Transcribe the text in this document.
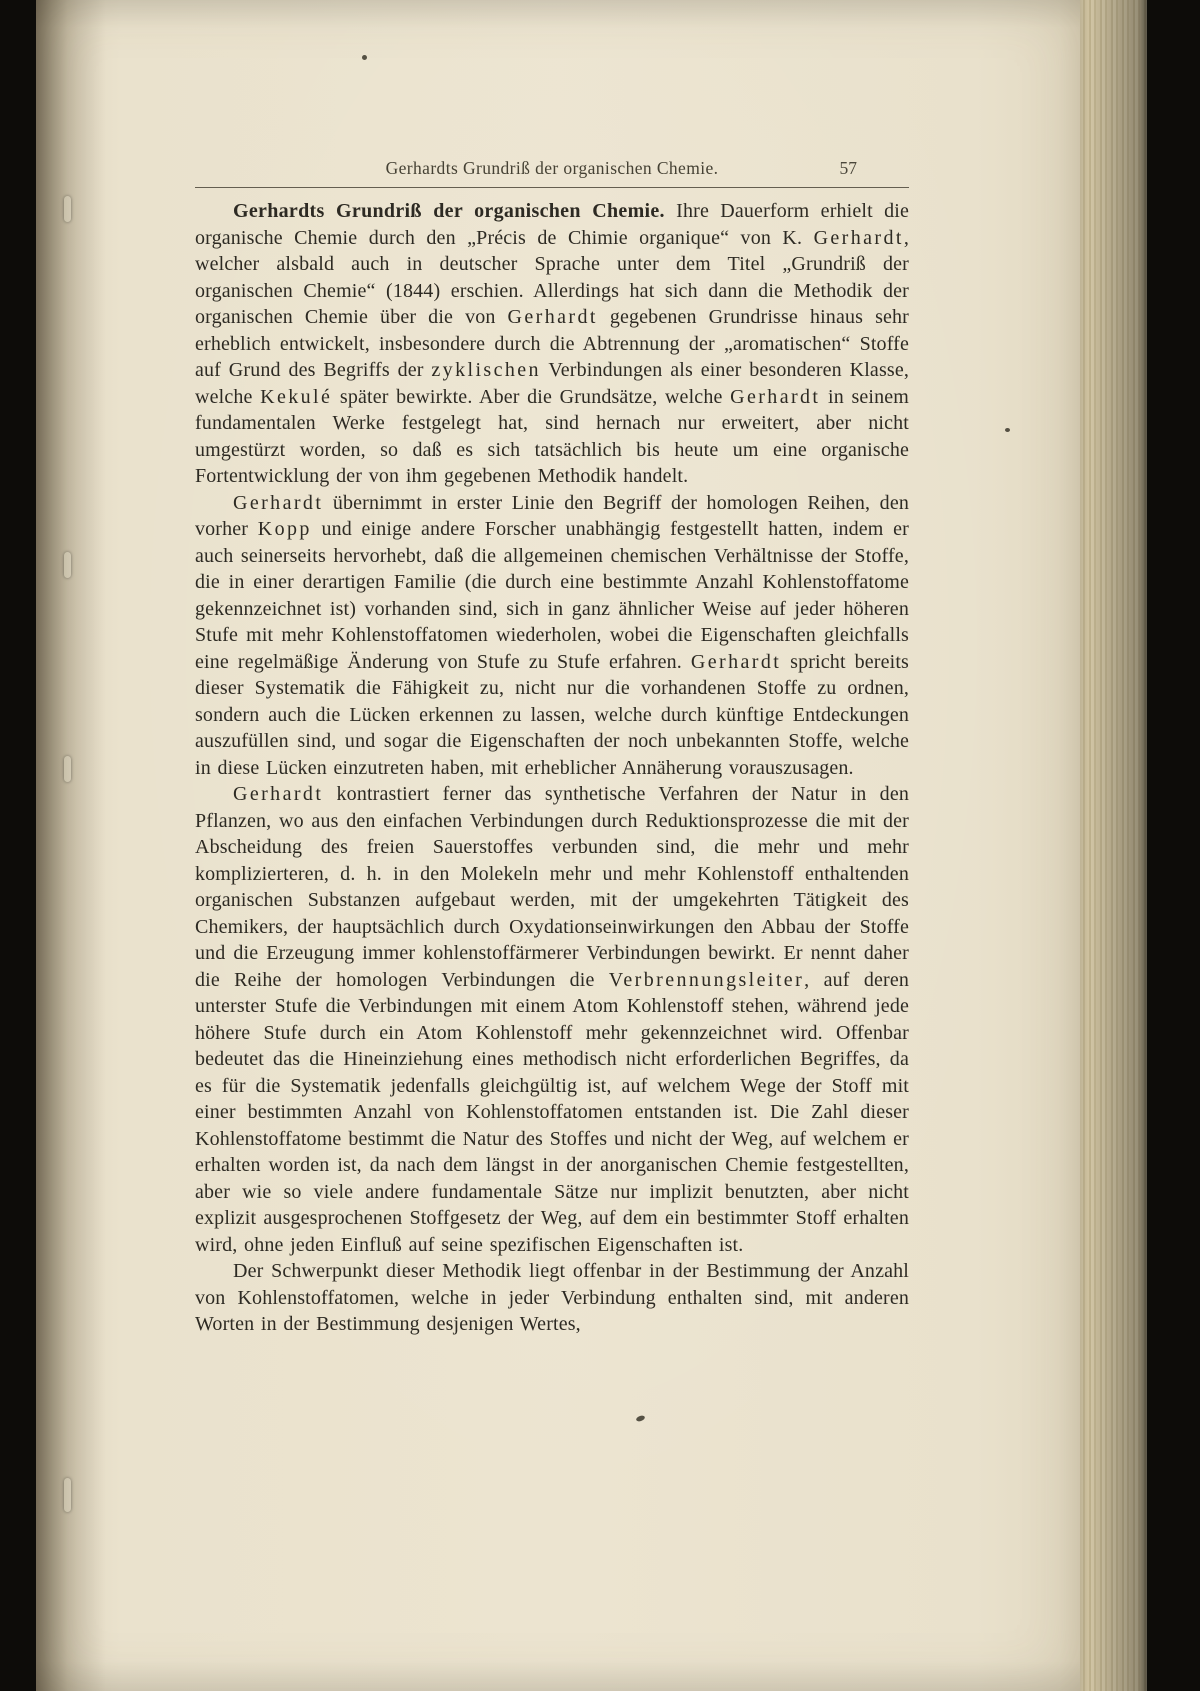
Gerhardts Grundriß der organischen Chemie.	57

Gerhardts Grundriß der organischen Chemie. Ihre Dauerform erhielt die organische Chemie durch den „Précis de Chimie organique“ von K. Gerhardt, welcher alsbald auch in deutscher Sprache unter dem Titel „Grundriß der organischen Chemie“ (1844) erschien. Allerdings hat sich dann die Methodik der organischen Chemie über die von Gerhardt gegebenen Grundrisse hinaus sehr erheblich entwickelt, insbesondere durch die Abtrennung der „aromatischen“ Stoffe auf Grund des Begriffs der zyklischen Verbindungen als einer besonderen Klasse, welche Kekulé später bewirkte. Aber die Grundsätze, welche Gerhardt in seinem fundamentalen Werke festgelegt hat, sind hernach nur erweitert, aber nicht umgestürzt worden, so daß es sich tatsächlich bis heute um eine organische Fortentwicklung der von ihm gegebenen Methodik handelt.

Gerhardt übernimmt in erster Linie den Begriff der homologen Reihen, den vorher Kopp und einige andere Forscher unabhängig festgestellt hatten, indem er auch seinerseits hervorhebt, daß die allgemeinen chemischen Verhältnisse der Stoffe, die in einer derartigen Familie (die durch eine bestimmte Anzahl Kohlenstoffatome gekennzeichnet ist) vorhanden sind, sich in ganz ähnlicher Weise auf jeder höheren Stufe mit mehr Kohlenstoffatomen wiederholen, wobei die Eigenschaften gleichfalls eine regelmäßige Änderung von Stufe zu Stufe erfahren. Gerhardt spricht bereits dieser Systematik die Fähigkeit zu, nicht nur die vorhandenen Stoffe zu ordnen, sondern auch die Lücken erkennen zu lassen, welche durch künftige Entdeckungen auszufüllen sind, und sogar die Eigenschaften der noch unbekannten Stoffe, welche in diese Lücken einzutreten haben, mit erheblicher Annäherung vorauszusagen.

Gerhardt kontrastiert ferner das synthetische Verfahren der Natur in den Pflanzen, wo aus den einfachen Verbindungen durch Reduktionsprozesse die mit der Abscheidung des freien Sauerstoffes verbunden sind, die mehr und mehr komplizierteren, d. h. in den Molekeln mehr und mehr Kohlenstoff enthaltenden organischen Substanzen aufgebaut werden, mit der umgekehrten Tätigkeit des Chemikers, der hauptsächlich durch Oxydationseinwirkungen den Abbau der Stoffe und die Erzeugung immer kohlenstoffärmerer Verbindungen bewirkt. Er nennt daher die Reihe der homologen Verbindungen die Verbrennungsleiter, auf deren unterster Stufe die Verbindungen mit einem Atom Kohlenstoff stehen, während jede höhere Stufe durch ein Atom Kohlenstoff mehr gekennzeichnet wird. Offenbar bedeutet das die Hineinziehung eines methodisch nicht erforderlichen Begriffes, da es für die Systematik jedenfalls gleichgültig ist, auf welchem Wege der Stoff mit einer bestimmten Anzahl von Kohlenstoffatomen entstanden ist. Die Zahl dieser Kohlenstoffatome bestimmt die Natur des Stoffes und nicht der Weg, auf welchem er erhalten worden ist, da nach dem längst in der anorganischen Chemie festgestellten, aber wie so viele andere fundamentale Sätze nur implizit benutzten, aber nicht explizit ausgesprochenen Stoffgesetz der Weg, auf dem ein bestimmter Stoff erhalten wird, ohne jeden Einfluß auf seine spezifischen Eigenschaften ist.

Der Schwerpunkt dieser Methodik liegt offenbar in der Bestimmung der Anzahl von Kohlenstoffatomen, welche in jeder Verbindung enthalten sind, mit anderen Worten in der Bestimmung desjenigen Wertes,
